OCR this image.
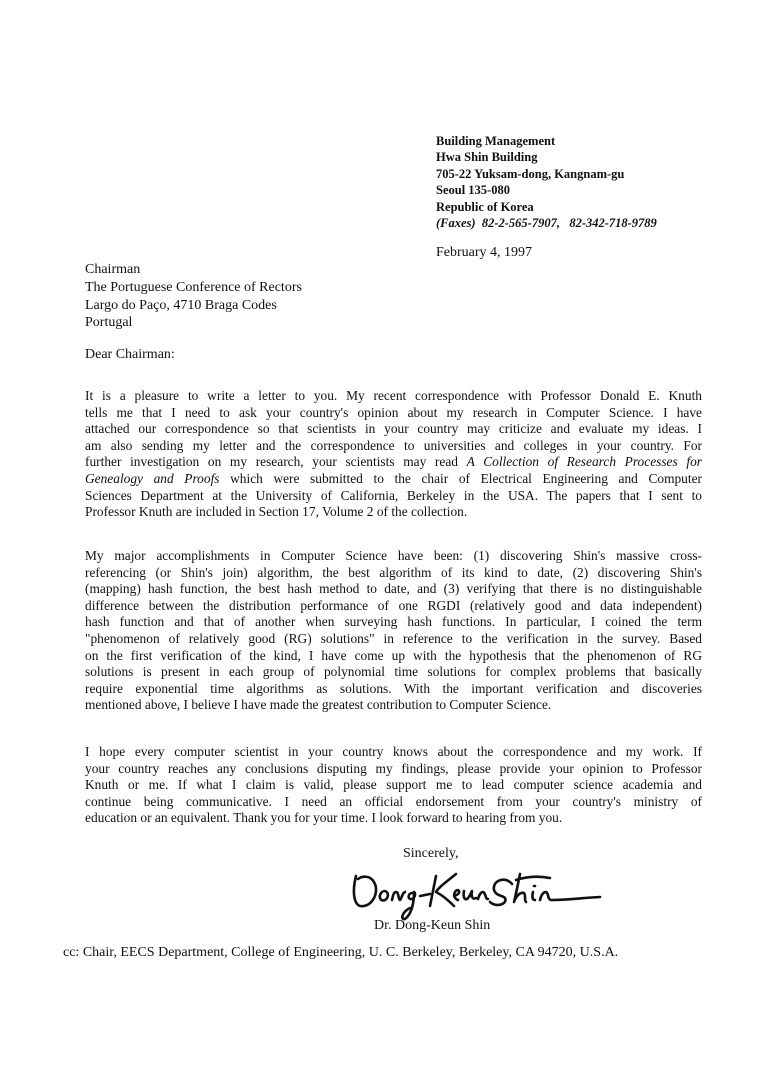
Building Management
Hwa Shin Building
705-22 Yuksam-dong, Kangnam-gu
Seoul 135-080
Republic of Korea
(Faxes)  82-2-565-7907,   82-342-718-9789
February 4, 1997
Chairman
The Portuguese Conference of Rectors
Largo do Paço, 4710 Braga Codes
Portugal
Dear Chairman:
It is a pleasure to write a letter to you. My recent correspondence with Professor Donald E. Knuth
tells me that I need to ask your country's opinion about my research in Computer Science. I have
attached our correspondence so that scientists in your country may criticize and evaluate my ideas. I
am also sending my letter and the correspondence to universities and colleges in your country. For
further investigation on my research, your scientists may read A Collection of Research Processes for
Genealogy and Proofs which were submitted to the chair of Electrical Engineering and Computer
Sciences Department at the University of California, Berkeley in the USA. The papers that I sent to
Professor Knuth are included in Section 17, Volume 2 of the collection.
My major accomplishments in Computer Science have been: (1) discovering Shin's massive cross-
referencing (or Shin's join) algorithm, the best algorithm of its kind to date, (2) discovering Shin's
(mapping) hash function, the best hash method to date, and (3) verifying that there is no distinguishable
difference between the distribution performance of one RGDI (relatively good and data independent)
hash function and that of another when surveying hash functions. In particular, I coined the term
"phenomenon of relatively good (RG) solutions" in reference to the verification in the survey. Based
on the first verification of the kind, I have come up with the hypothesis that the phenomenon of RG
solutions is present in each group of polynomial time solutions for complex problems that basically
require exponential time algorithms as solutions. With the important verification and discoveries
mentioned above, I believe I have made the greatest contribution to Computer Science.
I hope every computer scientist in your country knows about the correspondence and my work. If
your country reaches any conclusions disputing my findings, please provide your opinion to Professor
Knuth or me. If what I claim is valid, please support me to lead computer science academia and
continue being communicative. I need an official endorsement from your country's ministry of
education or an equivalent. Thank you for your time. I look forward to hearing from you.
Sincerely,
Dr. Dong-Keun Shin
cc: Chair, EECS Department, College of Engineering, U. C. Berkeley, Berkeley, CA 94720, U.S.A.
